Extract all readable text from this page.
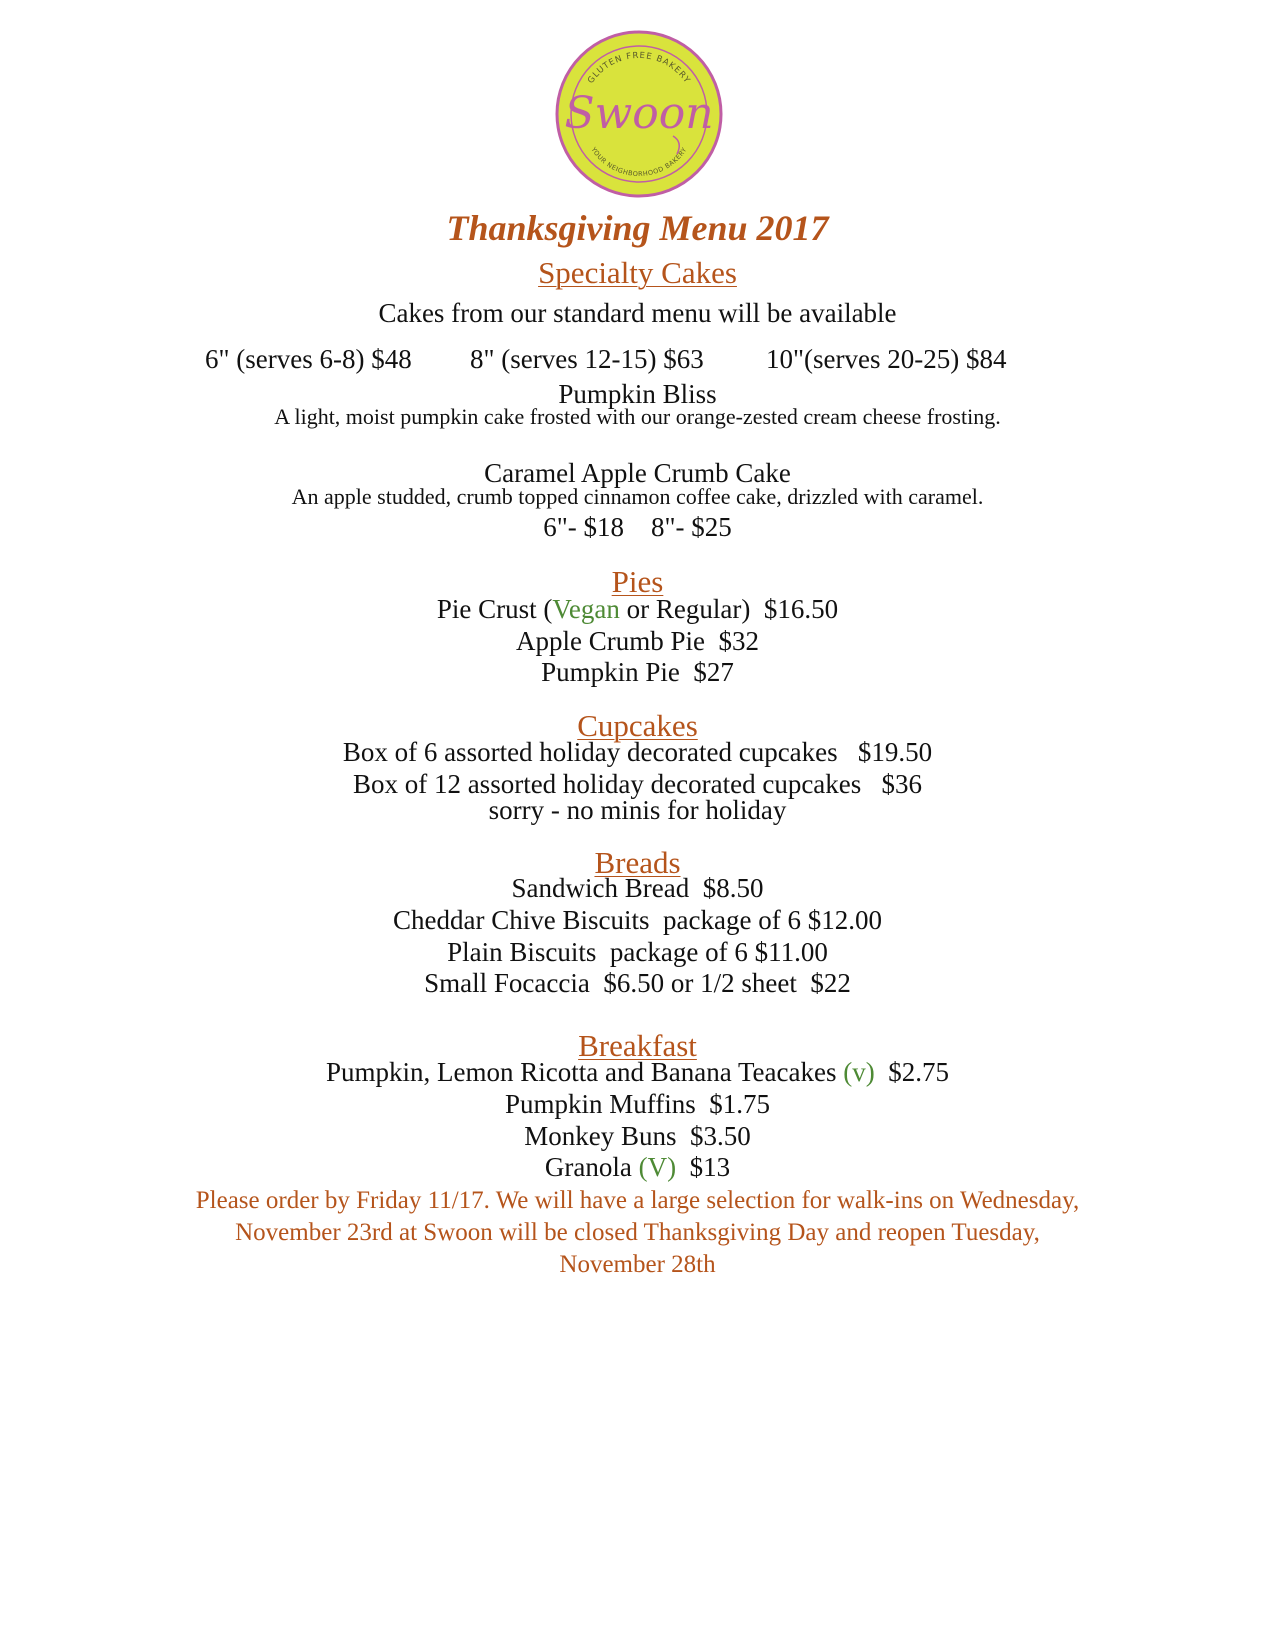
GLUTEN FREE BAKERY
YOUR NEIGHBORHOOD BAKERY
Swoon
Thanksgiving Menu 2017
Specialty Cakes
Cakes from our standard menu will be available
6" (serves 6-8) $48 8" (serves 12-15) $63 10"(serves 20-25) $84
Pumpkin Bliss
A light, moist pumpkin cake frosted with our orange-zested cream cheese frosting.
Caramel Apple Crumb Cake
An apple studded, crumb topped cinnamon coffee cake, drizzled with caramel.
6"- $18    8"- $25
Pies
Pie Crust (Vegan or Regular)  $16.50
Apple Crumb Pie  $32
Pumpkin Pie  $27
Cupcakes
Box of 6 assorted holiday decorated cupcakes   $19.50
Box of 12 assorted holiday decorated cupcakes   $36
sorry - no minis for holiday
Breads
Sandwich Bread  $8.50
Cheddar Chive Biscuits  package of 6 $12.00
Plain Biscuits  package of 6 $11.00
Small Focaccia  $6.50 or 1/2 sheet  $22
Breakfast
Pumpkin, Lemon Ricotta and Banana Teacakes (v)  $2.75
Pumpkin Muffins  $1.75
Monkey Buns  $3.50
Granola (V)  $13
Please order by Friday 11/17. We will have a large selection for walk-ins on Wednesday,
November 23rd at Swoon will be closed Thanksgiving Day and reopen Tuesday,
November 28th
